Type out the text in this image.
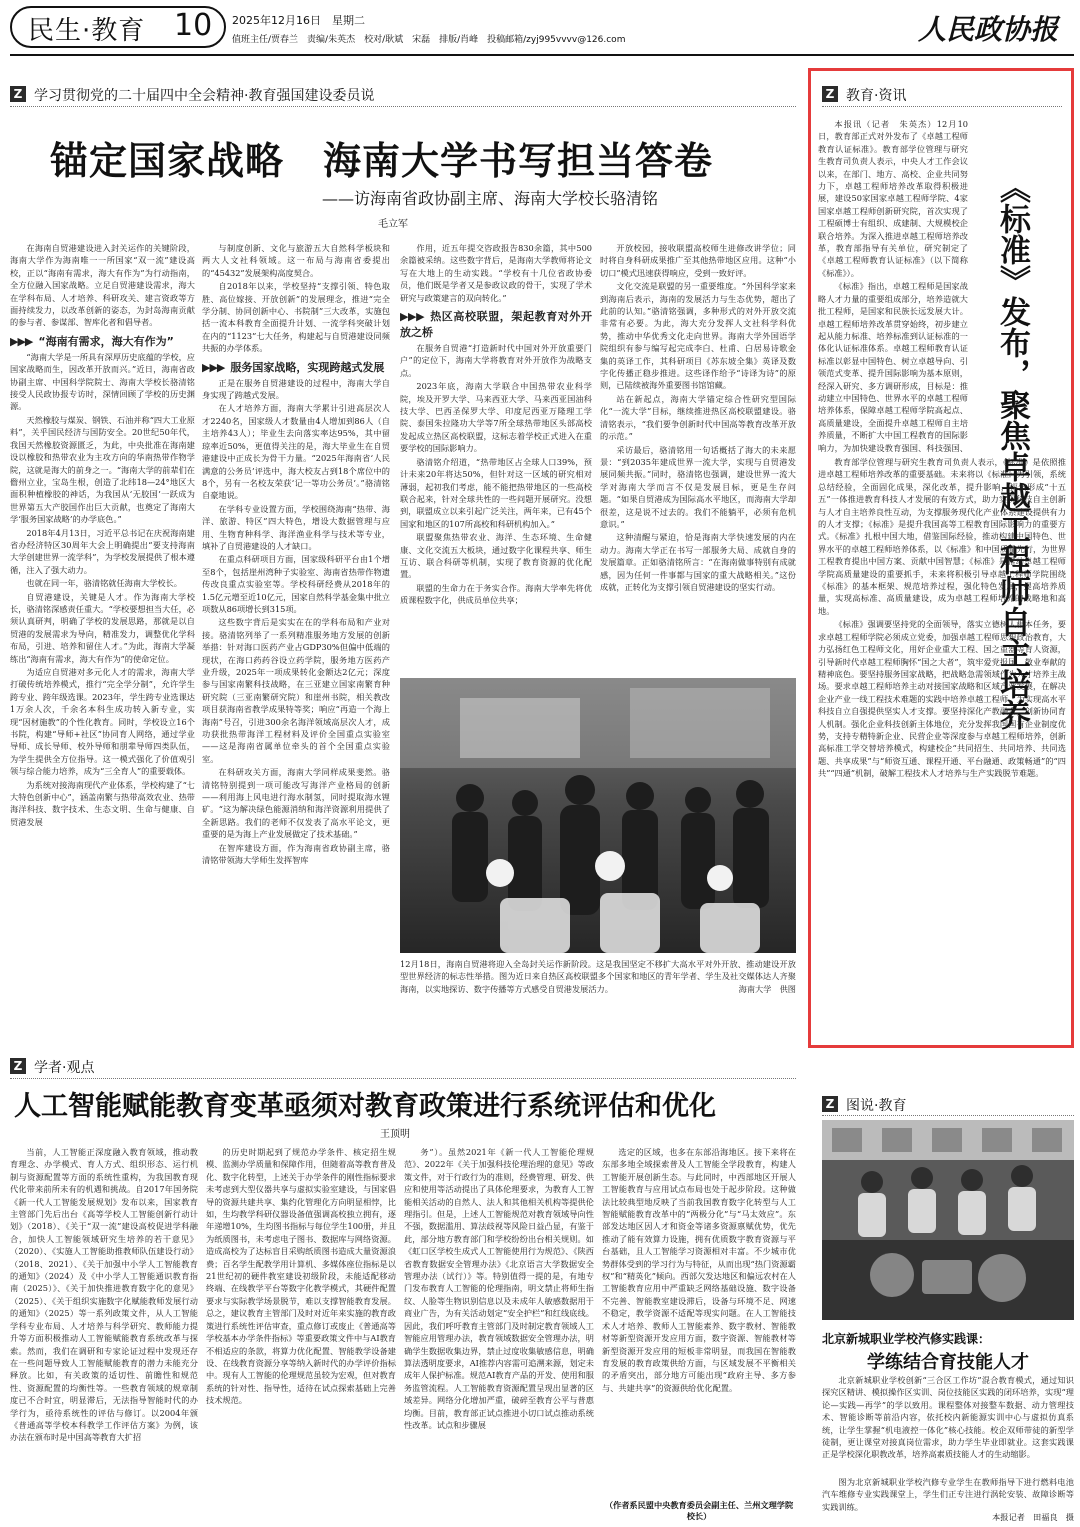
民生·教育 10 2025年12月16日　星期二
值班主任/贾春兰　责编/朱英杰　校对/耿斌　宋磊　排版/肖峰　投稿邮箱/zyj995vvvv@126.com	人民政协报
Z 学习贯彻党的二十届四中全会精神·教育强国建设委员说
锚定国家战略　海南大学书写担当答卷
——访海南省政协副主席、海南大学校长骆清铭
毛立军

在海南自贸港建设进入封关运作的关键阶段，海南大学作为海南唯一一所国家“双一流”建设高校，正以“海南有需求，海大有作为”为行动指南，全方位融入国家战略。立足自贸港建设需求，海大在学科布局、人才培养、科研攻关、建言资政等方面持续发力，以改革创新的姿态，为封岛海南贡献的参与者、参谋部、智库化者和倡导者。

▶▶▶ “海南有需求，海大有作为”

“海南大学是一所具有深厚历史底蕴的学校，应国家战略而生，因改革开放而兴。”近日，海南省政协副主席、中国科学院院士、海南大学校长骆清铭接受人民政协报专访时，深情回顾了学校的历史渊源。

天然橡胶与煤炭、钢铁、石油并称“四大工业原料”，关乎国民经济与国防安全。20世纪50年代，我国天然橡胶资源匮乏，为此，中央批准在海南建设以橡胶和热带农业为主攻方向的华南热带作物学院，这就是海大的前身之一。“海南大学的前辈们在儋州立业，宝岛生根，创造了北纬18—24°地区大面积种植橡胶的神话，为我国从‘无胶国’一跃成为世界第五大产胶国作出巨大贡献，也奠定了海南大学‘服务国家战略’的办学底色。”

2018年4月13日，习近平总书记在庆祝海南建省办经济特区30周年大会上明确提出“要支持海南大学创建世界一流学科”，为学校发展提供了根本遵循，注入了强大动力。

也就在同一年，骆清铭就任海南大学校长。

自贸港建设，关键是人才。作为海南大学校长，骆清铭深感责任重大。“学校要想担当大任，必须认真研判，明确了学校的发展思路，那就是以自贸港的发展需求为导向，精准发力，调整优化学科布局，引进、培养和留住人才。”为此，海南大学凝练出“海南有需求，海大有作为”的使命定位。

为适应自贸港对多元化人才的需求，海南大学打破传统培养模式，推行“完全学分制”，允许学生跨专业、跨年级选课。2023年，学生跨专业选课达1万余人次，千余名本科生成功转入新专业，实现“因材施教”的个性化教育。同时，学校设立16个书院，构建“导师+社区”协同育人网络，通过学业导师、成长导师、校外导师和朋辈导师四类队伍，为学生提供全方位指导。这一模式强化了价值观引领与综合能力培养，成为“三全育人”的重要载体。

为系统对接海南现代产业体系，学校构建了“七大特色创新中心”，涵盖南繁与热带高效农业、热带海洋科技、数字技术、生态文明、生命与健康、自贸港发展

与制度创新、文化与旅游五大自然科学板块和两大人文社科领域。这一布局与海南省委提出的“45432”发展架构高度契合。

自2018年以来，学校坚持“支撑引领、特色取胜、高位嫁接、开放创新”的发展理念，推进“完全学分制、协同创新中心、书院制”三大改革，实施包括一流本科教育全面提升计划、一流学科突破计划在内的“1123”七大任务，构建起与自贸港建设同频共振的办学体系。

▶▶▶ 服务国家战略，实现跨越式发展

正是在服务自贸港建设的过程中，海南大学自身实现了跨越式发展。

在人才培养方面，海南大学累计引进高层次人才2240名，国家级人才数量由4人增加到86人（自主培养43人）；毕业生去向落实率达95%，其中留琼率近50%，更值得关注的是，海大毕业生在自贸港建设中正成长为骨干力量。“2025年海南省‘人民满意的公务员’评选中，海大校友占到18个席位中的8个，另有一名校友荣获‘记一等功公务员’。”骆清铭自豪地说。

在学科专业设置方面，学校围绕海南“热带、海洋、旅游、特区”四大特色，增设大数据管理与应用、生物育种科学、海洋渔业科学与技术等专业，填补了自贸港建设的人才缺口。

在重点科研项目方面，国家级科研平台由1个增至8个，包括崖州湾种子实验室、海南省热带作物遗传改良重点实验室等。学校科研经费从2018年的1.5亿元增至近10亿元，国家自然科学基金集中批立项数从86项增长到315项。

这些数字背后是实实在在的学科布局和产业对接。骆清铭列举了一系列精准服务地方发展的创新举措：针对海口医药产业占GDP30%但偏中低端的现状，在海口药药谷设立药学院，服务地方医药产业升级，2025年一项成果转化金额达2亿元；深度参与国家南繁科技战略，在三亚建立国家南繁育种研究院（三亚南繁研究院）和崖州书院，相关教改项目获海南省教学成果特等奖；响应“再造一个海上海南”号召，引进300余名海洋领域高层次人才，成功获批热带海洋工程材料及评价全国重点实验室——这是海南省属单位牵头的首个全国重点实验室。

在科研攻关方面，海南大学同样成果斐然。骆清铭特别提到一项可能改写海洋产业格局的创新——利用海上风电进行海水制氢，同时提取海水锂矿。“这为解决绿色能源消纳和海洋资源利用提供了全新思路。我们的老师不仅发表了高水平论文，更重要的是为海上产业发展做定了技术基础。”

在智库建设方面，作为海南省政协副主席，骆清铭带领海大学师生发挥智库

作用，近五年提交咨政报告830余篇，其中500余篇被采纳。这些数字背后，是海南大学教师将论文写在大地上的生动实践。“学校有十几位省政协委员，他们既是学者又是参政议政的骨干，实现了学术研究与政策建言的双向转化。”

▶▶▶ 热区高校联盟，架起教育对外开放之桥

在服务自贸港“打造新时代中国对外开放重要门户”的定位下，海南大学将教育对外开放作为战略支点。

2023年底，海南大学联合中国热带农业科学院，埃及开罗大学、马来西亚大学、马来西亚国油科技大学、巴西圣保罗大学、印度尼西亚万隆理工学院、泰国朱拉隆功大学等7所全球热带地区头部高校发起成立热区高校联盟，这标志着学校正式进入在重要学校的国际影响力。

骆清铭介绍道，“热带地区占全球人口39%，预计未来20年将达50%，但针对这一区域的研究相对薄弱，起初我们考虑，能不能把热带地区的一些高校联合起来，针对全球共性的一些问题开展研究。没想到，联盟成立以来引起广泛关注，两年来，已有45个国家和地区的107所高校和科研机构加入。”

联盟聚焦热带农业、海洋、生态环境、生命健康、文化交流五大板块，通过数字化课程共享、师生互访、联合科研等机制，实现了教育资源的优化配置。

联盟的生命力在于务实合作。海南大学率先将优质课程数字化，供成员单位共享；

开放校园，接收联盟高校师生进修改讲学位；同时将自身科研成果推广至其他热带地区应用。这种“小切口”模式迅速获得响应，受到一致好评。

文化交流是联盟的另一重要维度。“外国科学家来到海南后表示，海南的发展活力与生态优势，超出了此前的认知。”骆清铭强调，多种形式的对外开放交流非常有必要。为此，海大充分发挥人文社科学科优势，推动中华优秀文化走向世界。海南大学外国语学院组织有参与编写起完成李白、杜甫、白居易诗歌金集的英译工作，其科研项目《苏东坡全集》英译及数字化传播正稳步推进。这些译作给予“诗译为诗”的原则，已陆续被海外重要图书馆馆藏。

站在新起点，海南大学锚定综合性研究型国际化“一流大学”目标，继续推进热区高校联盟建设。骆清铭表示，“我们要争创新时代中国高等教育改革开放的示范。”

采访最后，骆清铭用一句话概括了海大的未来愿景：“到2035年建成世界一流大学，实现与自贸港发展同频共振。”同时，骆清铭也强调，建设世界一流大学对海南大学而言不仅是发展目标，更是生存问题。“如果自贸港成为国际高水平地区，而海南大学却很差，这是说不过去的。我们不能躺平，必须有危机意识。”

这种清醒与紧迫，恰是海南大学快速发展的内在动力。海南大学正在书写一部服务大局、成就自身的发展篇章。正如骆清铭所言：“在海南做事特别有成就感，因为任何一件事都与国家的重大战略相关。”这份成就，正转化为支撑引领自贸港建设的坚实行动。

12月18日，海南自贸港将迎入全岛封关运作新阶段。这是我国坚定不移扩大高水平对外开放、推动建设开放型世界经济的标志性举措。图为近日来自热区高校联盟多个国家和地区的青年学者、学生及社交媒体达人齐聚海南，以实地探访、数字传播等方式感受自贸港发展活力。	海南大学　供图
Z 教育·资讯
《标准》发布，聚焦卓越工程师自主培养

本报讯（记者　朱英杰）12月10日，教育部正式对外发布了《卓越工程师教育认证标准》。教育部学位管理与研究生教育司负责人表示，中央人才工作会议以来，在部门、地方、高校、企业共同努力下，卓越工程师培养改革取得积极进展，建设50家国家卓越工程师学院、4家国家卓越工程师创新研究院，首次实现了工程硕博士有组织、成建制、大规模校企联合培养。为深入推进卓越工程师培养改革，教育部指导有关单位，研究制定了《卓越工程师教育认证标准》（以下简称《标准》）。

《标准》指出，卓越工程师是国家战略人才力量的重要组成部分，培养造就大批工程师，是国家和民族长远发展大计。卓越工程师培养改革贯穿始终，初步建立起从能力标准、培养标准到认证标准的一体化认证标准体系。卓越工程师教育认证标准以彰显中国特色、树立卓越导向、引领范式变革、提升国际影响为基本原则，经深入研究、多方调研形成，目标是：推动建立中国特色、世界水平的卓越工程师培养体系，保障卓越工程师学院高起点、高质量建设，全面提升卓越工程师自主培养质量，不断扩大中国工程教育的国际影响力，为加快建设教育强国、科技强国、

教育部学位管理与研究生教育司负责人表示，《标准》是依照推进卓越工程师培养改革的重要基础。未来将以《标准》为引领，系统总结经验，全面固化成果，深化改革，提升影响，探索形成“十五五”一体推进教育科技人才发展的有效方式，助力实现科技自主创新与人才自主培养良性互动，为支撑服务现代化产业体系建设提供有力的人才支撑；《标准》是提升我国高等工程教育国际影响力的重要方式。《标准》扎根中国大地，借鉴国际经验，推动构建中国特色、世界水平的卓越工程师培养体系，以《标准》和中国质量先行，为世界工程教育提出中国方案、贡献中国智慧；《标准》是推动卓越工程师学院高质量建设的重要抓手，未来将积极引导卓越工程师学院围绕《标准》的基本框架、规范培养过程，强化特色发展，提高培养质量，实现高标准、高质量建设，成为卓越工程师培养的战略地和高地。

《标准》强调要坚持党的全面领导，落实立德树人根本任务，要求卓越工程师学院必须成立党委，加强卓越工程师思想政治教育，大力弘扬红色工程师文化，用好企业重大工程、国之重器等育人资源，引导新时代卓越工程师胸怀“国之大者”，筑牢爱党报国、敬业奉献的精神底色。要坚持服务国家战略，把战略急需领域作为人才培养主战场。要求卓越工程师培养主动对接国家战略和区域产业发展，在解决企业产业一线工程技术难题的实践中培养卓越工程师，为实现高水平科技自立自强提供坚实人才支撑。要坚持深化产教融合，创新协同育人机制。强化企业科技创新主体地位，充分发挥我国国有企业制度优势，支持专精特新企业、民营企业等深度参与卓越工程师培养，创新高标准工学交替培养模式，构建校企“共同招生、共同培养、共同选题、共享成果”与“师资互通、课程开通、平台融通、政策畅通”的“四共”“四通”机制，破解工程技术人才培养与生产实践脱节难题。

Z 学者·观点
人工智能赋能教育变革亟须对教育政策进行系统评估和优化
王顶明

当前，人工智能正深度融入教育领域，推动教育理念、办学模式、育人方式、组织形态、运行机制与资源配置等方面的系统性重构，为我国教育现代化带来前所未有的机遇和挑战。自2017年国务院《新一代人工智能发展规划》发布以来，国家教育主管部门先后出台《高等学校人工智能创新行动计划》（2018）、《关于“双一流”建设高校促进学科融合，加快人工智能领域研究生培养的若干意见》（2020）、《实施人工智能助推教师队伍建设行动》（2018、2021）、《关于加强中小学人工智能教育的通知》（2024）及《中小学人工智能通识教育指南（2025）》、《关于加快推进教育数字化的意见》（2025）、《关于组织实施数字化赋能教师发展行动的通知》（2025）等一系列政策文件，从人工智能学科专业布局、人才培养与科学研究、教师能力提升等方面积极推动人工智能赋能教育系统改革与探索。然而，我们在调研和专家论证过程中发现还存在一些问题导致人工智能赋能教育的潜力未能充分释放。比如，有关政策的适切性、前瞻性和规范性、资源配置的均衡性等。一些教育领域的规章制度已不合时宜，明显滞后，无法指导智能时代的办学行为，亟待系统性的评估与修订。以2004年颁《普通高等学校本科教学工作评估方案》为例，该办法在颁布时是中国高等教育大扩招

的历史时期起到了规范办学条件、核定招生规模、监测办学质量和保障作用，但随着高等教育普及化、数字化转型，上述关于办学条件的刚性指标要求未考虑到大型仪器共享与虚拟实验室建设，与国家倡导的资源共建共享、集约化管理化方向明显相悖，比如，生均教学科研仪器设备值强调高校独立拥有，逐年递增10%，生均图书指标与每位学生100册，并且为纸质图书，未考虑电子图书、数据库与网络资源。造成高校为了达标盲目采购纸质图书造成大量资源浪费；百名学生配教学用计算机、多媒体座位指标是以21世纪初的硬件教室建设初级阶段，未能适配移动终端、在线教学平台等数字化教学模式，其硬件配置要求与实际教学场景脱节，难以支撑智能教育发展。总之，建议教育主管部门及时对近年来实施的教育政策进行系统性评估审查，重点修订或废止《普通高等学校基本办学条件指标》等重要政策文件中与AI教育不相适应的条款，将算力优化配置、智能教学设备建设、在线教育资源分享等纳入新时代的办学评价指标中。现有人工智能的伦理规范虽较为宏观，但对教育系统的针对性、指导性，适待在试点探索基础上完善技术规范。

务”）。虽然2021年《新一代人工智能伦理规范》、2022年《关于加强科技伦理治理的意见》等政策文件，对于行政行为的准则，经费管理、研发、供应和使用等活动提出了具体伦理要求，为教育人工智能相关活动的自然人、法人和其他相关机构等提供伦理指引。但是，上述人工智能规范对教育领域导向性不强，数据滥用、算法歧视等风险日益凸显，有鉴于此，部分地方教育部门和学校纷纷出台相关规则。如《虹口区学校生成式人工智能使用行为规范》、《陕西省教育数据安全管理办法》《北京语言大学数据安全管理办法（试行）》等。特别值得一提的是，有地专门发布教育人工智能的伦理指南，明文禁止将师生指纹、人脸等生物识别信息以及未成年人敏感数据用于商业广告，为有关活动划定“安全护栏”和红线底线。因此，我们呼吁教育主管部门及时制定教育领域人工智能应用管理办法，教育领域数据安全管理办法，明确学生数据收集边界，禁止过度收集敏感信息，明确算法透明度要求，AI推荐内容需可追溯来源，划定未成年人保护标准。规范AI教育产品的开发、使用和服务监管流程。人工智能教育资源配置呈现出显著的区域差异。网络分化增加严重，破碎至教育公平与普惠均衡。目前，教育部正试点推进小切口试点推动系统性改革。试点和步骤展

选定的区域，也多在东部沿海地区。接下来将在东部多地全域探索普及人工智能全学段教育，构建人工智能开展创新生态。与此同时，中西部地区开展人工智能教育与应用试点布局也处于起步阶段。这种做法比较典型地反映了当前我国教育数字化转型与人工智能赋能教育改革中的“两极分化”与“马太效应”。东部发达地区因人才和资金等诸多资源禀赋优势，优先推动了能有效算力设施，拥有优质数字教育资源与平台基础，且人工智能学习资源相对丰富。不少城市优势群体受到的学习行为与特征，从而出现“热门资源霸权”和“精英化”倾向。西部欠发达地区和偏远农村在人工智能教育应用中严重缺乏网络基础设施、数字设备不完善、智能教室建设滞后，设备与环境不足、网速不稳定，教学资源不适配等现实问题。在人工智能技术人才培养、教师人工智能素养、数字教材、智能教材等新型资源开发应用方面，数字资源、智能教材等新型资源开发应用的短板非常明显，而我国在智能教育发展的教育政策供给方面，与区域发展不平衡相关的矛盾突出，部分地方可能出现“政府主导、多方参与、共建共享”的资源供给优化配置。

（作者系民盟中央教育委员会副主任、兰州文理学院校长）
Z 图说·教育
北京新城职业学校汽修实践课：
学练结合育技能人才

北京新城职业学校创新“三合区工作坊”混合教育模式，通过知识探究区精讲、模拟操作区实训、岗位技能区实践的闭环培养，实现“理论—实践—再学”的学以致用。课程整体对接整车数据、动力管理技术、智能诊断等前沿内容，依托校内新能源实训中心与虚拟仿真系统，让学生掌握“机电液控一体化”核心技能。校企双师带徒的新型学徒制，更让课堂对接真岗位需求，助力学生毕业即就业。这套实践课正是学校深化职教改革，培养高素质技能人才的生动缩影。

图为北京新城职业学校汽修专业学生在教师指导下进行燃料电池汽车维修专业实践课堂上，学生们正专注进行涡轮安装、故障诊断等实践训练。

本报记者　田福良　摄
